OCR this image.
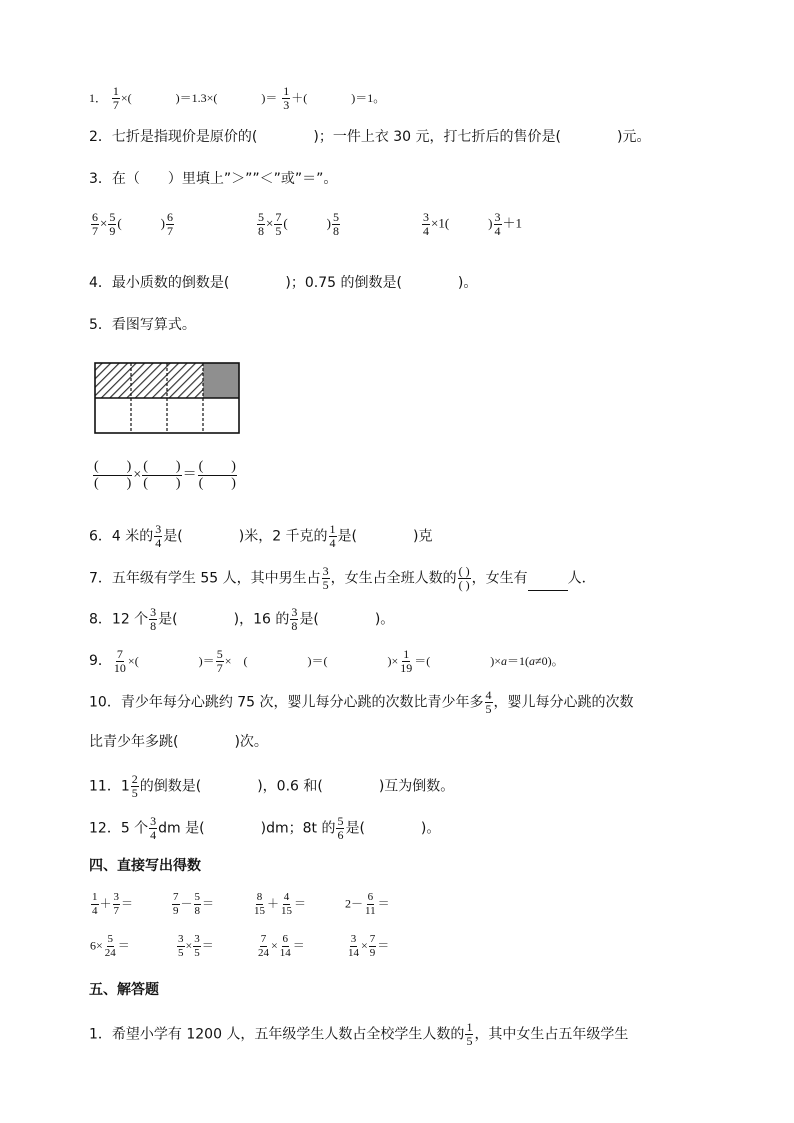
1． $\frac{1}{7}$ ×(	)＝1.3×(	)＝ $\frac{1}{3}$ ＋(	)＝1。
2．七折是指现价是原价的(　　　　)；一件上衣 30 元，打七折后的售价是(　　　　)元。
3．在（　　）里填上”＞””＜”或”＝”。
$\frac{6}{7} \times \frac{5}{9}$ (　　　) $\frac{6}{7}$	$\frac{5}{8} \times \frac{7}{5}$ (　　　) $\frac{5}{8}$	$\frac{3}{4} \times 1$(　　　) $\frac{3}{4} +1$
4．最小质数的倒数是(　　　　)；0.75 的倒数是(　　　　)。
5．看图写算式。
(　　)
(　　)
×
(　　)
(　　)
＝
(　　)
(　　)
6．4 米的 $\frac{3}{4}$ 是(　　　　)米，2 千克的 $\frac{1}{4}$ 是(　　　　)克
7．五年级有学生 55 人，其中男生占 $\frac{3}{5}$ ，女生占全班人数的 ( )
( ) ，女生有	人．
8．12 个 $\frac{3}{8}$ 是(　　　　)，16 的 $\frac{3}{8}$ 是(　　　　)。
9． $\frac{7}{10}$ ×(　　　　　)＝ $\frac{5}{7}$ ×　(　　　　　)＝(　　　　　)× $\frac{1}{19}$ ＝(　　　　　)×a＝1(a≠0)。
10．青少年每分心跳约 75 次，婴儿每分心跳的次数比青少年多 $\frac{4}{5}$ ，婴儿每分心跳的次数
比青少年多跳(　　　　)次。
11．$1 \frac{2}{5}$ 的倒数是(　　　　)，0.6 和(　　　　)互为倒数。
12．5 个 $\frac{3}{4}$ dm 是(　　　　)dm；8t 的 $\frac{5}{6}$ 是(　　　　)。
四、直接写出得数
$\frac{1}{4} + \frac{3}{7}$ ＝	$\frac{7}{9} - \frac{5}{8}$ ＝	$\frac{8}{15} + \frac{4}{15}$ ＝	$2- \frac{6}{11}$ ＝
$6\times \frac{5}{24}$ ＝	$\frac{3}{5} \times \frac{3}{5}$ ＝	$\frac{7}{24} \times \frac{6}{14}$ ＝	$\frac{3}{14} \times \frac{7}{9}$ ＝
五、解答题
1．希望小学有 1200 人，五年级学生人数占全校学生人数的 $\frac{1}{5}$ ，其中女生占五年级学生
